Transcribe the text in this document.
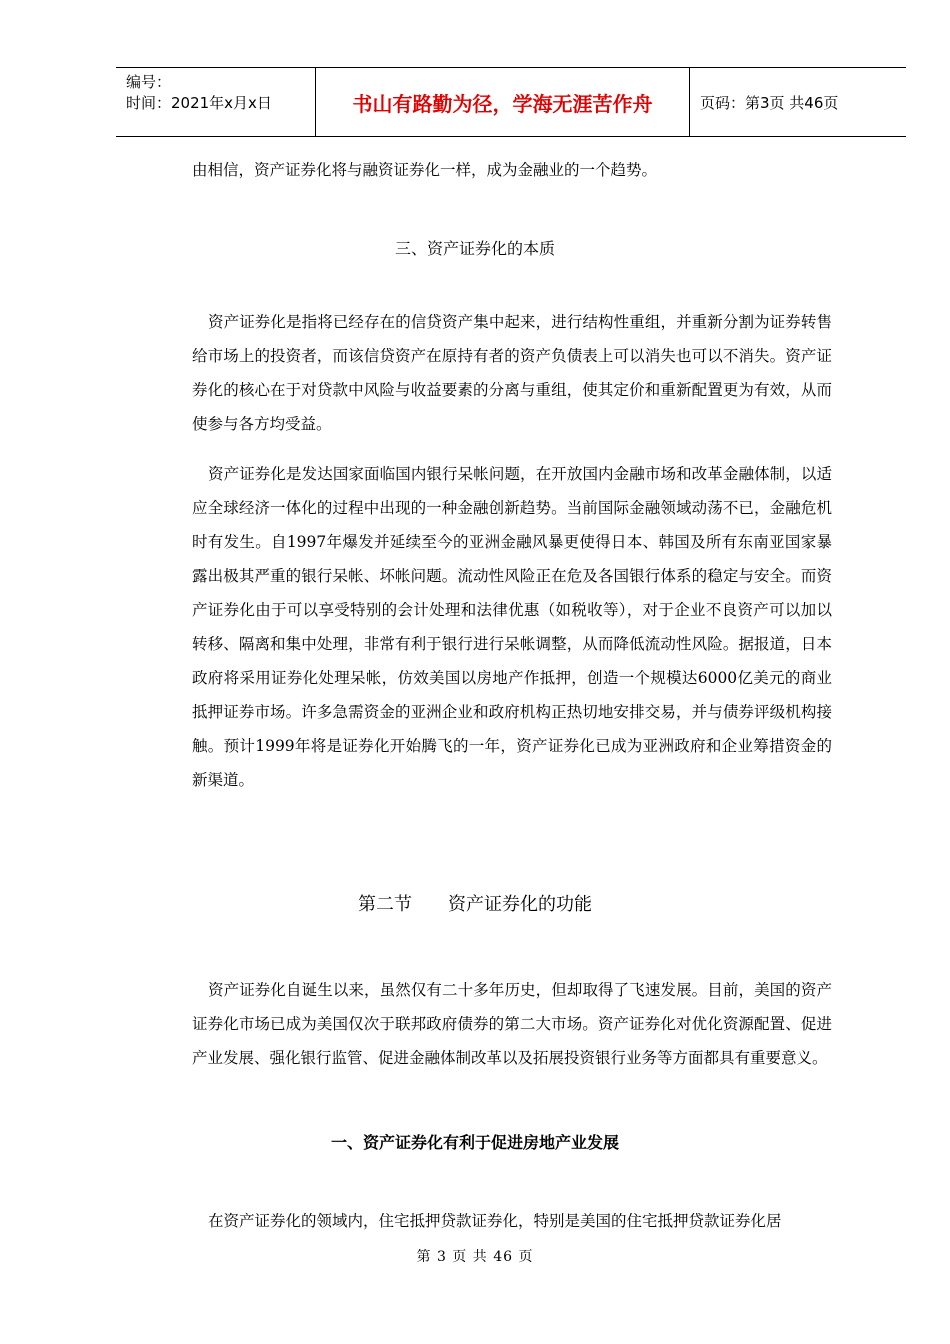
编号：
时间：2021年x月x日	书山有路勤为径，学海无涯苦作舟	页码：第3页 共46页
由相信，资产证券化将与融资证券化一样，成为金融业的一个趋势。
三、资产证券化的本质
资产证券化是指将已经存在的信贷资产集中起来，进行结构性重组，并重新分割为证券转售给市场上的投资者，而该信贷资产在原持有者的资产负债表上可以消失也可以不消失。资产证券化的核心在于对贷款中风险与收益要素的分离与重组，使其定价和重新配置更为有效，从而使参与各方均受益。
资产证券化是发达国家面临国内银行呆帐问题，在开放国内金融市场和改革金融体制，以适应全球经济一体化的过程中出现的一种金融创新趋势。当前国际金融领域动荡不已，金融危机时有发生。自1997年爆发并延续至今的亚洲金融风暴更使得日本、韩国及所有东南亚国家暴露出极其严重的银行呆帐、坏帐问题。流动性风险正在危及各国银行体系的稳定与安全。而资产证券化由于可以享受特别的会计处理和法律优惠（如税收等），对于企业不良资产可以加以转移、隔离和集中处理，非常有利于银行进行呆帐调整，从而降低流动性风险。据报道，日本政府将采用证券化处理呆帐，仿效美国以房地产作抵押，创造一个规模达6000亿美元的商业抵押证券市场。许多急需资金的亚洲企业和政府机构正热切地安排交易，并与债券评级机构接触。预计1999年将是证券化开始腾飞的一年，资产证券化已成为亚洲政府和企业筹措资金的新渠道。
第二节　　资产证券化的功能
资产证券化自诞生以来，虽然仅有二十多年历史，但却取得了飞速发展。目前，美国的资产证券化市场已成为美国仅次于联邦政府债券的第二大市场。资产证券化对优化资源配置、促进产业发展、强化银行监管、促进金融体制改革以及拓展投资银行业务等方面都具有重要意义。
一、资产证券化有利于促进房地产业发展
在资产证券化的领域内，住宅抵押贷款证券化，特别是美国的住宅抵押贷款证券化居
第 3 页 共 46 页
